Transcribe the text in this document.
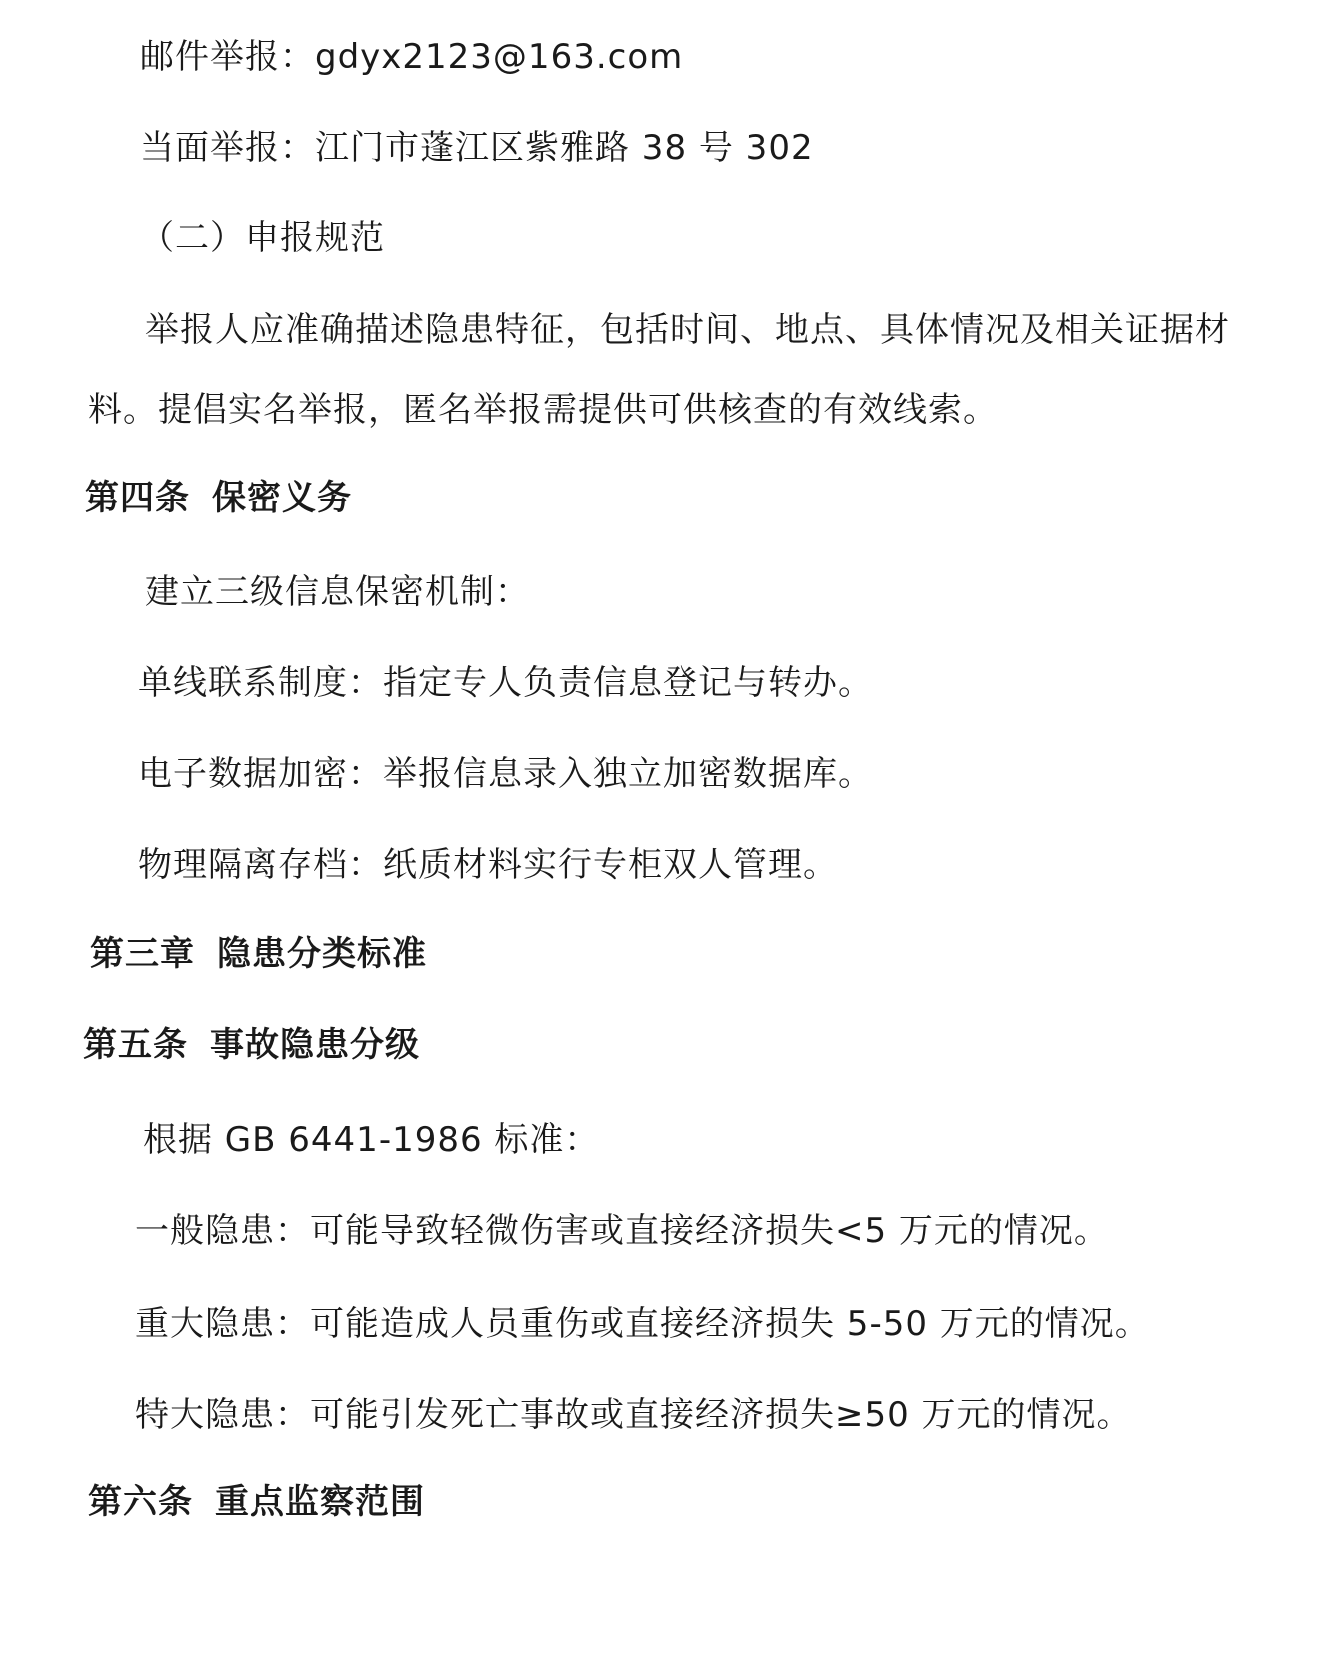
邮件举报：gdyx2123@163.com
当面举报：江门市蓬江区紫雅路 38 号 302
（二）申报规范
举报人应准确描述隐患特征，包括时间、地点、具体情况及相关证据材
料。提倡实名举报，匿名举报需提供可供核查的有效线索。
第四条 保密义务
建立三级信息保密机制：
单线联系制度：指定专人负责信息登记与转办。
电子数据加密：举报信息录入独立加密数据库。
物理隔离存档：纸质材料实行专柜双人管理。
第三章 隐患分类标准
第五条 事故隐患分级
根据 GB 6441-1986 标准：
一般隐患：可能导致轻微伤害或直接经济损失<5 万元的情况。
重大隐患：可能造成人员重伤或直接经济损失 5-50 万元的情况。
特大隐患：可能引发死亡事故或直接经济损失≥50 万元的情况。
第六条 重点监察范围
